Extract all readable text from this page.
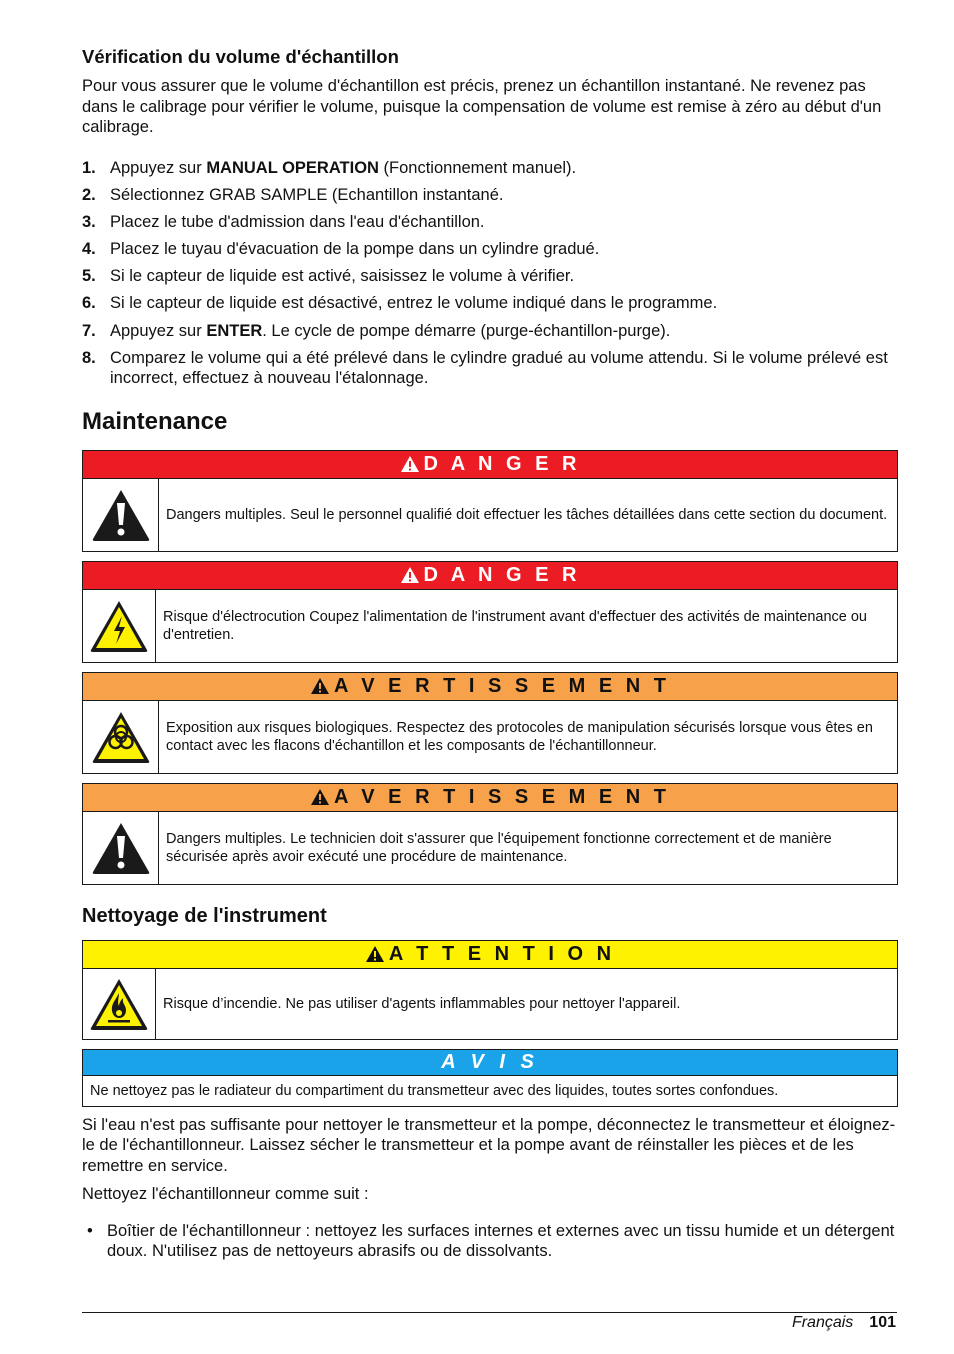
Vérification du volume d'échantillon

Pour vous assurer que le volume d'échantillon est précis, prenez un échantillon instantané. Ne revenez pas dans le calibrage pour vérifier le volume, puisque la compensation de volume est remise à zéro au début d'un calibrage.

1. Appuyez sur MANUAL OPERATION (Fonctionnement manuel).
2. Sélectionnez GRAB SAMPLE (Echantillon instantané.
3. Placez le tube d'admission dans l'eau d'échantillon.
4. Placez le tuyau d'évacuation de la pompe dans un cylindre gradué.
5. Si le capteur de liquide est activé, saisissez le volume à vérifier.
6. Si le capteur de liquide est désactivé, entrez le volume indiqué dans le programme.
7. Appuyez sur ENTER. Le cycle de pompe démarre (purge-échantillon-purge).
8. Comparez le volume qui a été prélevé dans le cylindre gradué au volume attendu. Si le volume prélevé est incorrect, effectuez à nouveau l'étalonnage.
Maintenance
D A N G E R
Dangers multiples. Seul le personnel qualifié doit effectuer les tâches détaillées dans cette section du document.
D A N G E R
Risque d'électrocution Coupez l'alimentation de l'instrument avant d'effectuer des activités de maintenance ou d'entretien.
A V E R T I S S E M E N T
Exposition aux risques biologiques. Respectez des protocoles de manipulation sécurisés lorsque vous êtes en contact avec les flacons d'échantillon et les composants de l'échantillonneur.
A V E R T I S S E M E N T
Dangers multiples. Le technicien doit s'assurer que l'équipement fonctionne correctement et de manière sécurisée après avoir exécuté une procédure de maintenance.
Nettoyage de l'instrument
A T T E N T I O N
Risque d’incendie. Ne pas utiliser d'agents inflammables pour nettoyer l'appareil.
A V I S
Ne nettoyez pas le radiateur du compartiment du transmetteur avec des liquides, toutes sortes confondues.

Si l'eau n'est pas suffisante pour nettoyer le transmetteur et la pompe, déconnectez le transmetteur et éloignez-le de l'échantillonneur. Laissez sécher le transmetteur et la pompe avant de réinstaller les pièces et de les remettre en service.

Nettoyez l'échantillonneur comme suit :

• Boîtier de l'échantillonneur : nettoyez les surfaces internes et externes avec un tissu humide et un détergent doux. N'utilisez pas de nettoyeurs abrasifs ou de dissolvants.
Français 101
